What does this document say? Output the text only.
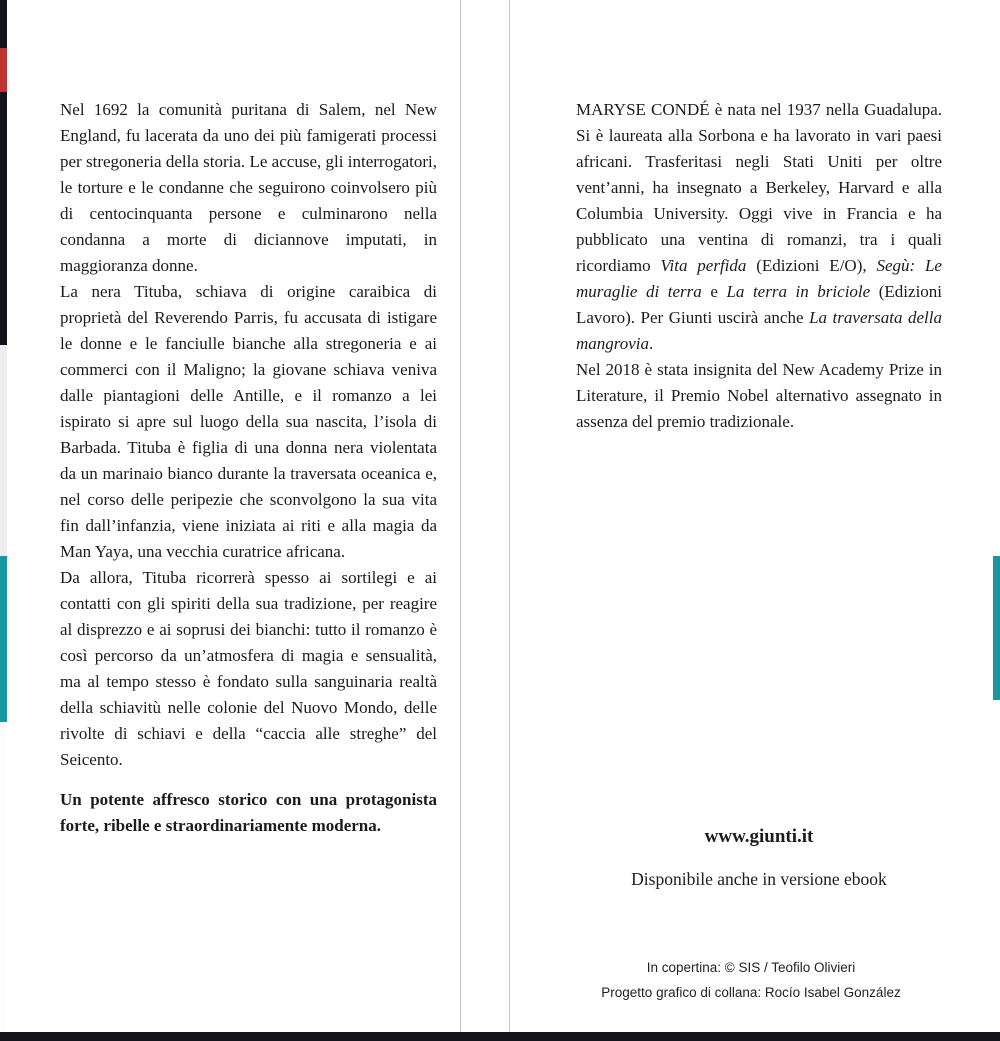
Nel 1692 la comunità puritana di Salem, nel New England, fu lacerata da uno dei più famigerati processi per stregoneria della storia. Le accuse, gli interrogatori, le torture e le condanne che seguirono coinvolsero più di centocinquanta persone e culminarono nella condanna a morte di diciannove imputati, in maggioranza donne.

La nera Tituba, schiava di origine caraibica di proprietà del Reverendo Parris, fu accusata di istigare le donne e le fanciulle bianche alla stregoneria e ai commerci con il Maligno; la giovane schiava veniva dalle piantagioni delle Antille, e il romanzo a lei ispirato si apre sul luogo della sua nascita, l’isola di Barbada. Tituba è figlia di una donna nera violentata da un marinaio bianco durante la traversata oceanica e, nel corso delle peripezie che sconvolgono la sua vita fin dall’infanzia, viene iniziata ai riti e alla magia da Man Yaya, una vecchia curatrice africana.

Da allora, Tituba ricorrerà spesso ai sortilegi e ai contatti con gli spiriti della sua tradizione, per reagire al disprezzo e ai soprusi dei bianchi: tutto il romanzo è così percorso da un’atmosfera di magia e sensualità, ma al tempo stesso è fondato sulla sanguinaria realtà della schiavitù nelle colonie del Nuovo Mondo, delle rivolte di schiavi e della “caccia alle streghe” del Seicento.

Un potente affresco storico con una protagonista forte, ribelle e straordinariamente moderna.

MARYSE CONDÉ è nata nel 1937 nella Guadalupa. Si è laureata alla Sorbona e ha lavorato in vari paesi africani. Trasferitasi negli Stati Uniti per oltre vent’anni, ha insegnato a Berkeley, Harvard e alla Columbia University. Oggi vive in Francia e ha pubblicato una ventina di romanzi, tra i quali ricordiamo Vita perfida (Edizioni E/O), Segù: Le muraglie di terra e La terra in briciole (Edizioni Lavoro). Per Giunti uscirà anche La traversata della mangrovia.

Nel 2018 è stata insignita del New Academy Prize in Literature, il Premio Nobel alternativo assegnato in assenza del premio tradizionale.

www.giunti.it
Disponibile anche in versione ebook
In copertina: © SIS / Teofilo Olivieri
Progetto grafico di collana: Rocío Isabel González
